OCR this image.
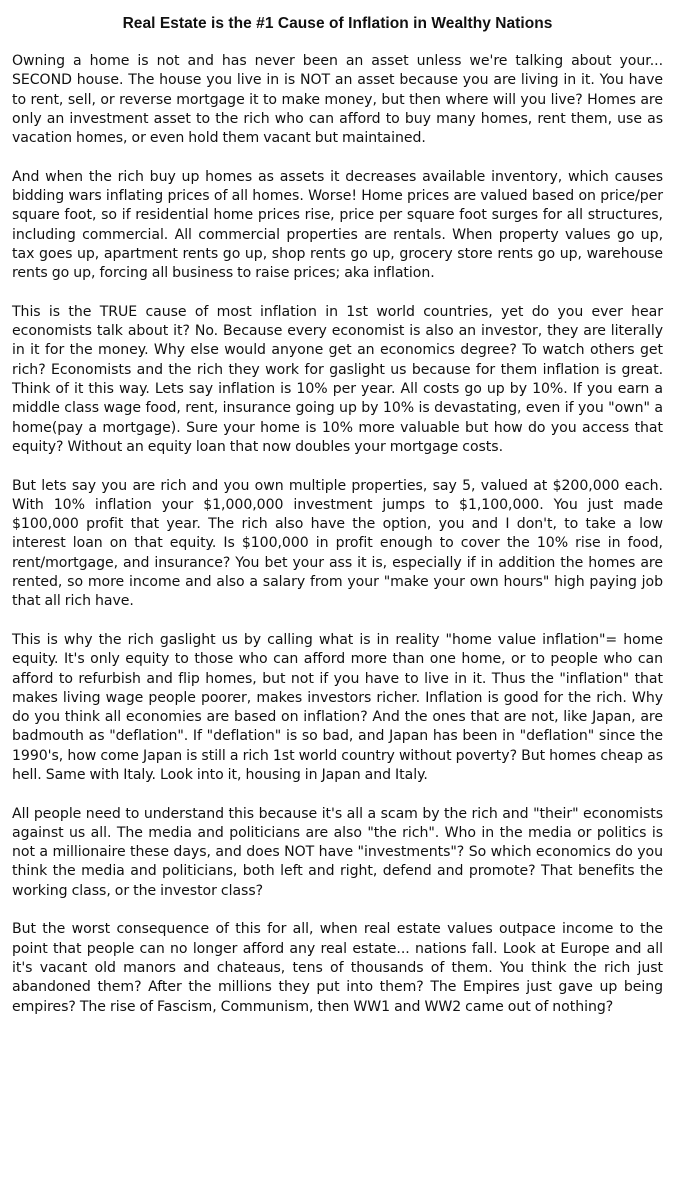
Real Estate is the #1 Cause of Inflation in Wealthy Nations
Owning a home is not and has never been an asset unless we're talking about your... SECOND house. The house you live in is NOT an asset because you are living in it. You have to rent, sell, or reverse mortgage it to make money, but then where will you live? Homes are only an investment asset to the rich who can afford to buy many homes, rent them, use as vacation homes, or even hold them vacant but maintained.
And when the rich buy up homes as assets it decreases available inventory, which causes bidding wars inflating prices of all homes. Worse! Home prices are valued based on price/per square foot, so if residential home prices rise, price per square foot surges for all structures, including commercial. All commercial properties are rentals. When property values go up, tax goes up, apartment rents go up, shop rents go up, grocery store rents go up, warehouse rents go up, forcing all business to raise prices; aka inflation.
This is the TRUE cause of most inflation in 1st world countries, yet do you ever hear economists talk about it? No. Because every economist is also an investor, they are literally in it for the money. Why else would anyone get an economics degree? To watch others get rich? Economists and the rich they work for gaslight us because for them inflation is great. Think of it this way. Lets say inflation is 10% per year. All costs go up by 10%. If you earn a middle class wage food, rent, insurance going up by 10% is devastating, even if you "own" a home(pay a mortgage). Sure your home is 10% more valuable but how do you access that equity? Without an equity loan that now doubles your mortgage costs.
But lets say you are rich and you own multiple properties, say 5, valued at $200,000 each. With 10% inflation your $1,000,000 investment jumps to $1,100,000. You just made $100,000 profit that year. The rich also have the option, you and I don't, to take a low interest loan on that equity. Is $100,000 in profit enough to cover the 10% rise in food, rent/mortgage, and insurance? You bet your ass it is, especially if in addition the homes are rented, so more income and also a salary from your "make your own hours" high paying job that all rich have.
This is why the rich gaslight us by calling what is in reality "home value inflation"= home equity. It's only equity to those who can afford more than one home, or to people who can afford to refurbish and flip homes, but not if you have to live in it. Thus the "inflation" that makes living wage people poorer, makes investors richer. Inflation is good for the rich. Why do you think all economies are based on inflation? And the ones that are not, like Japan, are badmouth as "deflation". If "deflation" is so bad, and Japan has been in "deflation" since the 1990's, how come Japan is still a rich 1st world country without poverty? But homes cheap as hell. Same with Italy. Look into it, housing in Japan and Italy.
All people need to understand this because it's all a scam by the rich and "their" economists against us all. The media and politicians are also "the rich". Who in the media or politics is not a millionaire these days, and does NOT have "investments"? So which economics do you think the media and politicians, both left and right, defend and promote? That benefits the working class, or the investor class?
But the worst consequence of this for all, when real estate values outpace income to the point that people can no longer afford any real estate... nations fall. Look at Europe and all it's vacant old manors and chateaus, tens of thousands of them. You think the rich just abandoned them? After the millions they put into them? The Empires just gave up being empires? The rise of Fascism, Communism, then WW1 and WW2 came out of nothing?
